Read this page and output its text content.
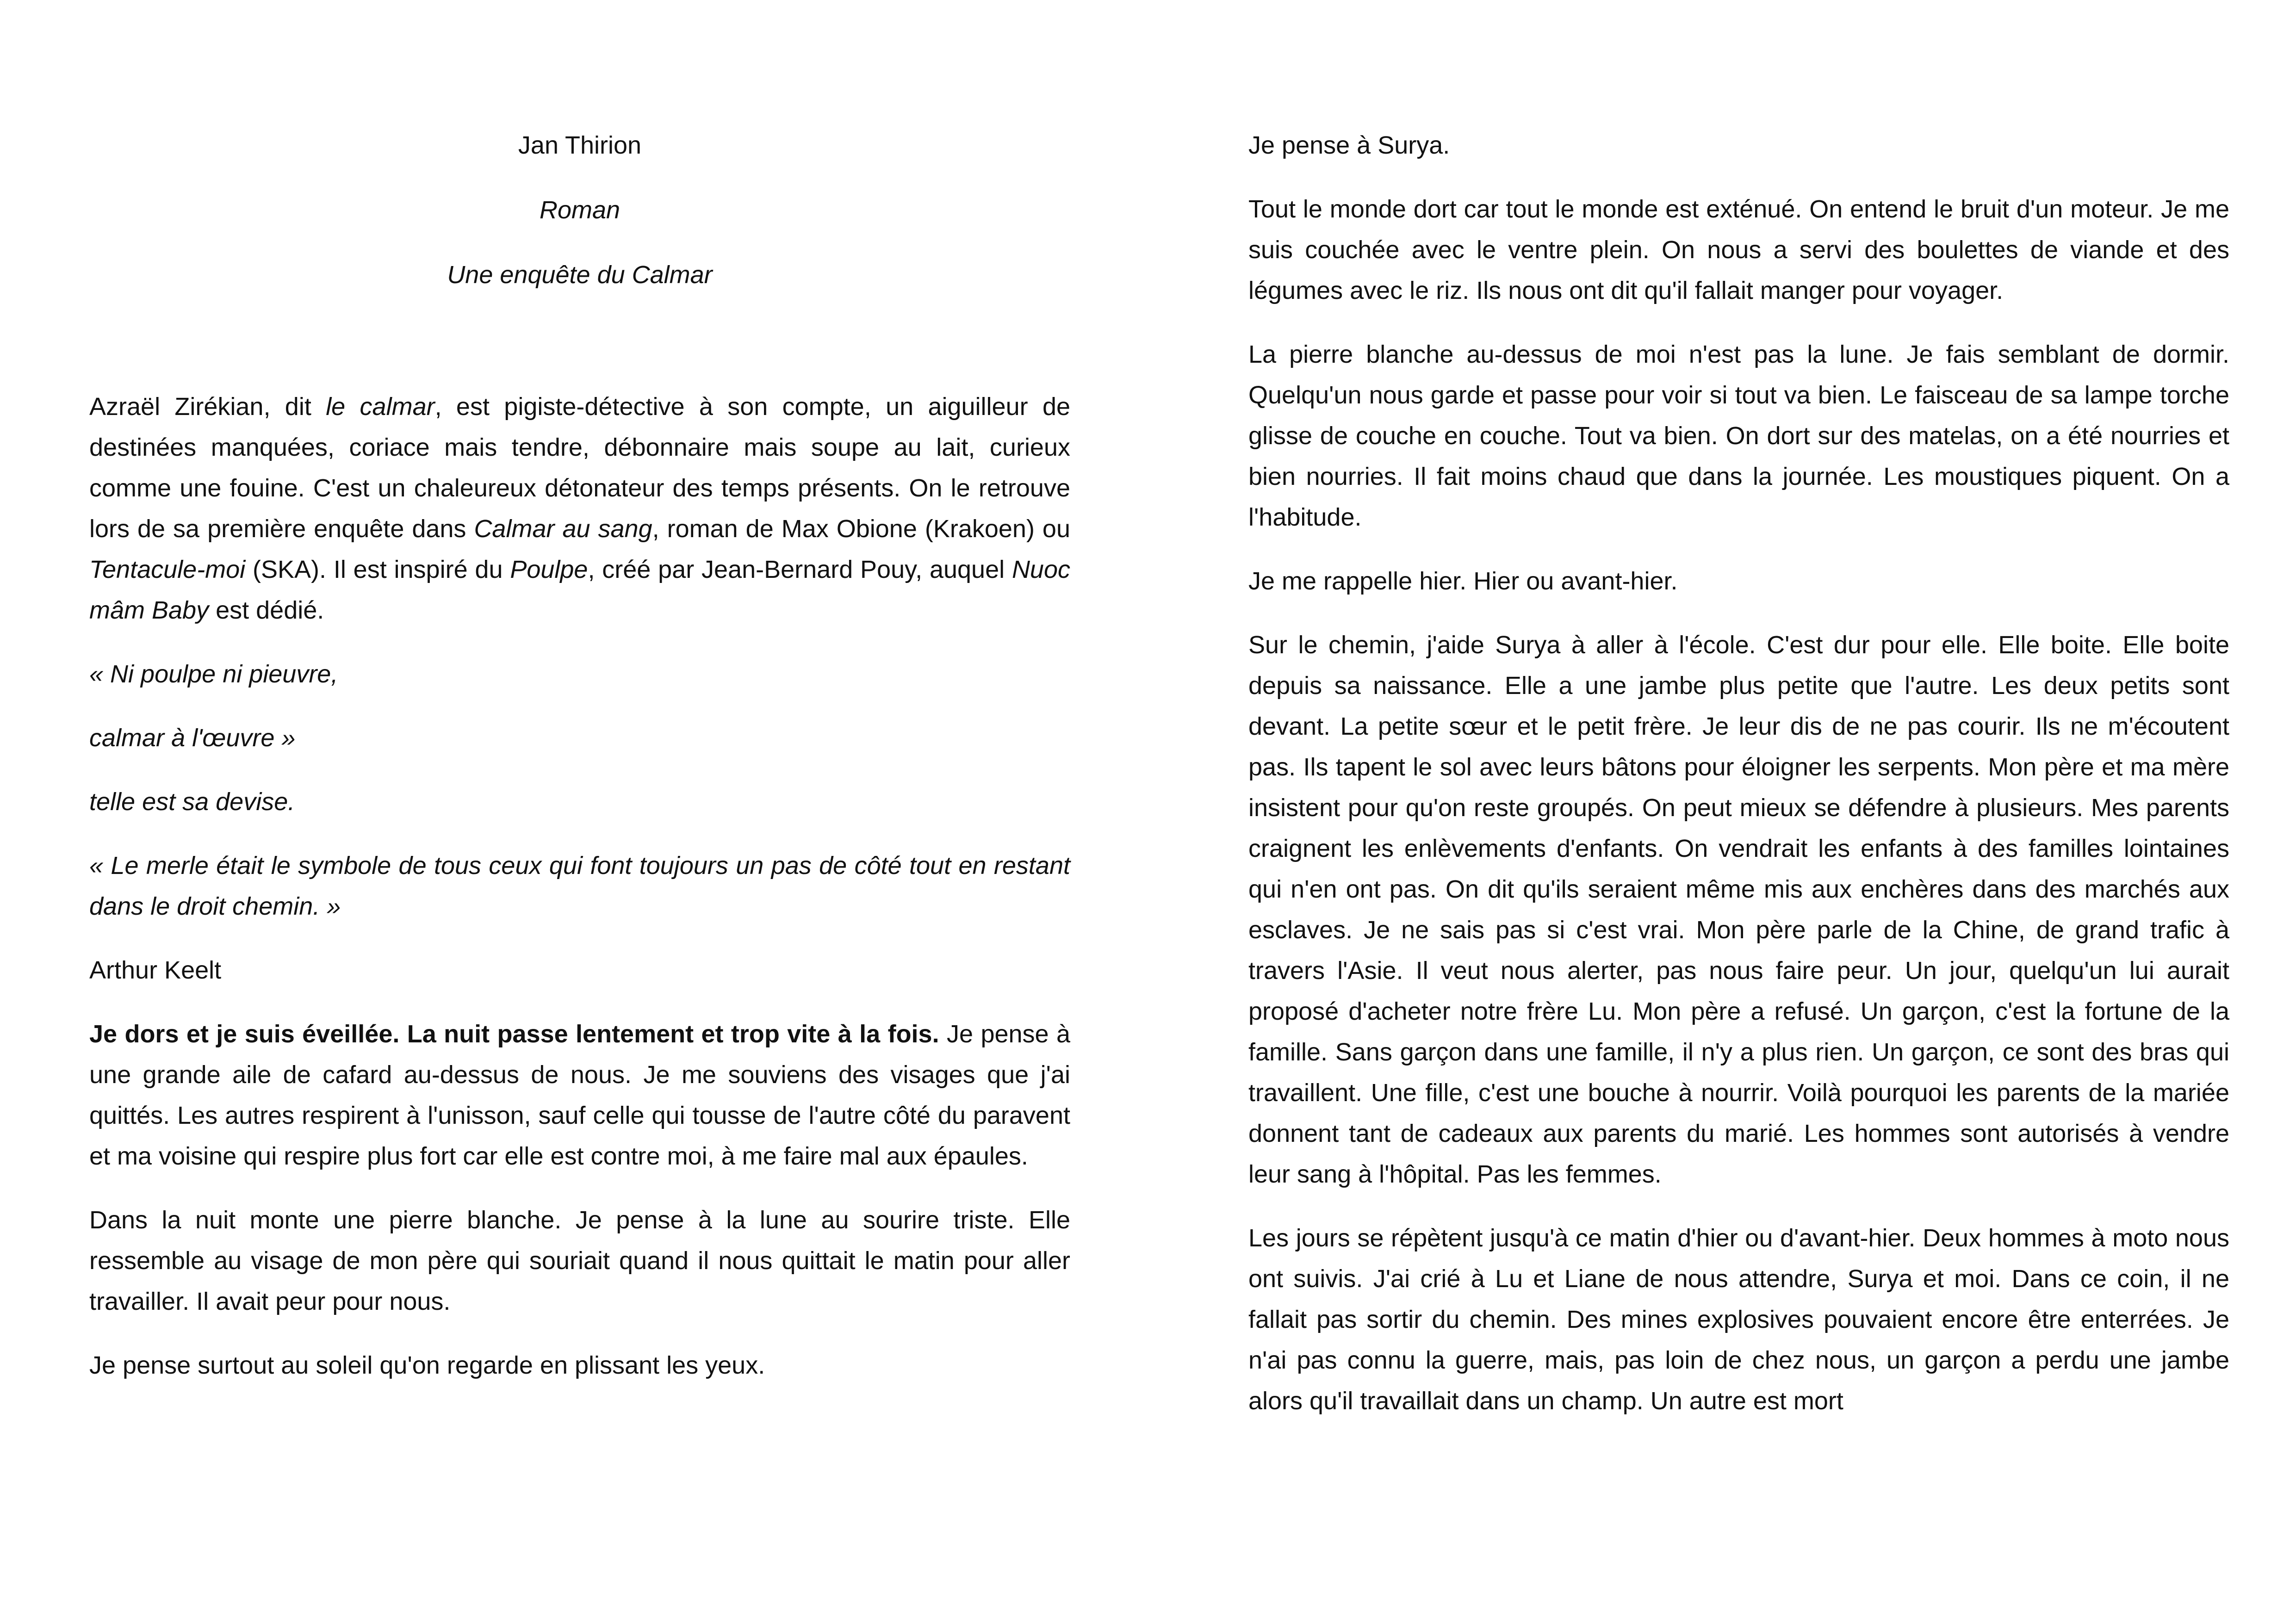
Jan Thirion

Roman

Une enquête du Calmar

Azraël Zirékian, dit le calmar, est pigiste-détective à son compte, un aiguilleur de destinées manquées, coriace mais tendre, débonnaire mais soupe au lait, curieux comme une fouine. C'est un chaleureux détonateur des temps présents. On le retrouve lors de sa première enquête dans Calmar au sang, roman de Max Obione (Krakoen) ou Tentacule-moi (SKA). Il est inspiré du Poulpe, créé par Jean-Bernard Pouy, auquel Nuoc mâm Baby est dédié.

« Ni poulpe ni pieuvre,

calmar à l'œuvre »

telle est sa devise.

« Le merle était le symbole de tous ceux qui font toujours un pas de côté tout en restant dans le droit chemin. »

Arthur Keelt

Je dors et je suis éveillée. La nuit passe lentement et trop vite à la fois. Je pense à une grande aile de cafard au-dessus de nous. Je me souviens des visages que j'ai quittés. Les autres respirent à l'unisson, sauf celle qui tousse de l'autre côté du paravent et ma voisine qui respire plus fort car elle est contre moi, à me faire mal aux épaules.

Dans la nuit monte une pierre blanche. Je pense à la lune au sourire triste. Elle ressemble au visage de mon père qui souriait quand il nous quittait le matin pour aller travailler. Il avait peur pour nous.

Je pense surtout au soleil qu'on regarde en plissant les yeux.

Je pense à Surya.

Tout le monde dort car tout le monde est exténué. On entend le bruit d'un moteur. Je me suis couchée avec le ventre plein. On nous a servi des boulettes de viande et des légumes avec le riz. Ils nous ont dit qu'il fallait manger pour voyager.

La pierre blanche au-dessus de moi n'est pas la lune. Je fais semblant de dormir. Quelqu'un nous garde et passe pour voir si tout va bien. Le faisceau de sa lampe torche glisse de couche en couche. Tout va bien. On dort sur des matelas, on a été nourries et bien nourries. Il fait moins chaud que dans la journée. Les moustiques piquent. On a l'habitude.

Je me rappelle hier. Hier ou avant-hier.

Sur le chemin, j'aide Surya à aller à l'école. C'est dur pour elle. Elle boite. Elle boite depuis sa naissance. Elle a une jambe plus petite que l'autre. Les deux petits sont devant. La petite sœur et le petit frère. Je leur dis de ne pas courir. Ils ne m'écoutent pas. Ils tapent le sol avec leurs bâtons pour éloigner les serpents. Mon père et ma mère insistent pour qu'on reste groupés. On peut mieux se défendre à plusieurs. Mes parents craignent les enlèvements d'enfants. On vendrait les enfants à des familles lointaines qui n'en ont pas. On dit qu'ils seraient même mis aux enchères dans des marchés aux esclaves. Je ne sais pas si c'est vrai. Mon père parle de la Chine, de grand trafic à travers l'Asie. Il veut nous alerter, pas nous faire peur. Un jour, quelqu'un lui aurait proposé d'acheter notre frère Lu. Mon père a refusé. Un garçon, c'est la fortune de la famille. Sans garçon dans une famille, il n'y a plus rien. Un garçon, ce sont des bras qui travaillent. Une fille, c'est une bouche à nourrir. Voilà pourquoi les parents de la mariée donnent tant de cadeaux aux parents du marié. Les hommes sont autorisés à vendre leur sang à l'hôpital. Pas les femmes.

Les jours se répètent jusqu'à ce matin d'hier ou d'avant-hier. Deux hommes à moto nous ont suivis. J'ai crié à Lu et Liane de nous attendre, Surya et moi. Dans ce coin, il ne fallait pas sortir du chemin. Des mines explosives pouvaient encore être enterrées. Je n'ai pas connu la guerre, mais, pas loin de chez nous, un garçon a perdu une jambe alors qu'il travaillait dans un champ. Un autre est mort
